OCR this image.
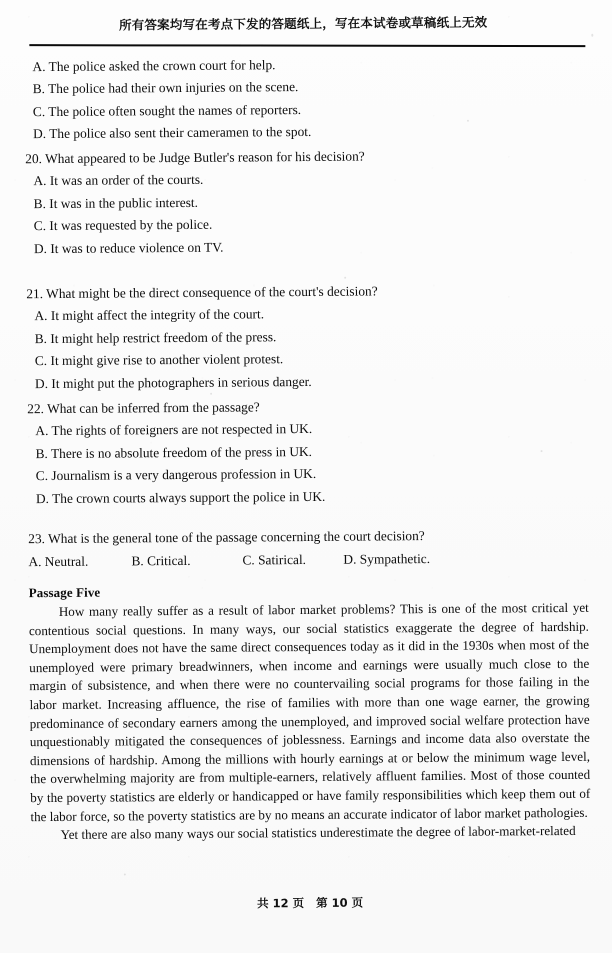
所有答案均写在考点下发的答题纸上，写在本试卷或草稿纸上无效
A. The police asked the crown court for help.
B. The police had their own injuries on the scene.
C. The police often sought the names of reporters.
D. The police also sent their cameramen to the spot.
20. What appeared to be Judge Butler's reason for his decision?
A. It was an order of the courts.
B. It was in the public interest.
C. It was requested by the police.
D. It was to reduce violence on TV.
21. What might be the direct consequence of the court's decision?
A. It might affect the integrity of the court.
B. It might help restrict freedom of the press.
C. It might give rise to another violent protest.
D. It might put the photographers in serious danger.
22. What can be inferred from the passage?
A. The rights of foreigners are not respected in UK.
B. There is no absolute freedom of the press in UK.
C. Journalism is a very dangerous profession in UK.
D. The crown courts always support the police in UK.
23. What is the general tone of the passage concerning the court decision?
A. Neutral.	B. Critical.	C. Satirical.	D. Sympathetic.
Passage Five

How many really suffer as a result of labor market problems? This is one of the most critical yet contentious social questions. In many ways, our social statistics exaggerate the degree of hardship. Unemployment does not have the same direct consequences today as it did in the 1930s when most of the unemployed were primary breadwinners, when income and earnings were usually much close to the margin of subsistence, and when there were no countervailing social programs for those failing in the labor market. Increasing affluence, the rise of families with more than one wage earner, the growing predominance of secondary earners among the unemployed, and improved social welfare protection have unquestionably mitigated the consequences of joblessness. Earnings and income data also overstate the dimensions of hardship. Among the millions with hourly earnings at or below the minimum wage level, the overwhelming majority are from multiple-earners, relatively affluent families. Most of those counted by the poverty statistics are elderly or handicapped or have family responsibilities which keep them out of the labor force, so the poverty statistics are by no means an accurate indicator of labor market pathologies.

Yet there are also many ways our social statistics underestimate the degree of labor-market-related

共 12 页 第 10 页
